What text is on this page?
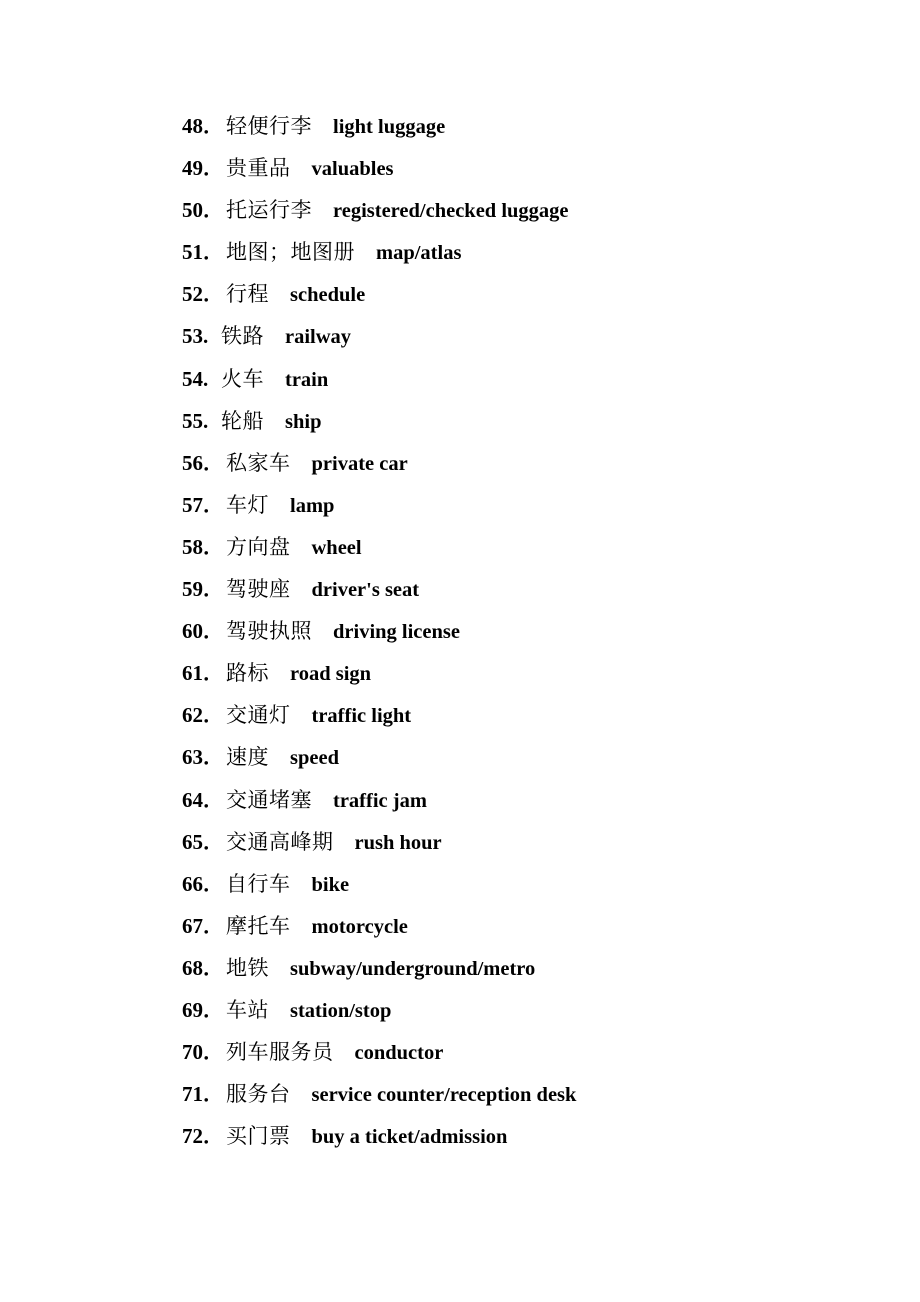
48．轻便行李 light luggage
49．贵重品 valuables
50．托运行李 registered/checked luggage
51．地图；地图册 map/atlas
52．行程 schedule
53. 铁路 railway
54. 火车 train
55. 轮船 ship
56．私家车 private car
57．车灯 lamp
58．方向盘 wheel
59．驾驶座 driver's seat
60．驾驶执照 driving license
61．路标 road sign
62．交通灯 traffic light
63．速度 speed
64．交通堵塞 traffic jam
65．交通高峰期 rush hour
66．自行车 bike
67．摩托车 motorcycle
68．地铁 subway/underground/metro
69．车站 station/stop
70．列车服务员 conductor
71．服务台 service counter/reception desk
72．买门票 buy a ticket/admission
